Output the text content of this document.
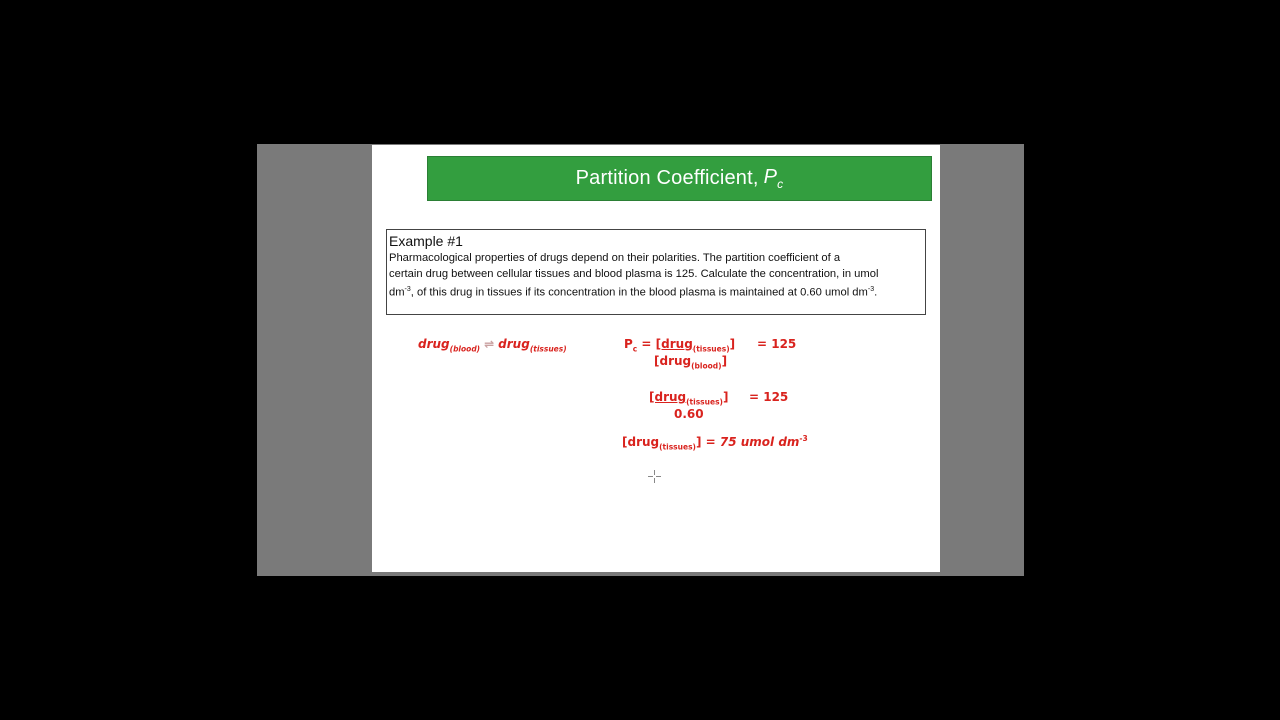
Partition Coefficient, $P_c$
Example #1
Pharmacological properties of drugs depend on their polarities. The partition coefficient of a
certain drug between cellular tissues and blood plasma is 125. Calculate the concentration, in umol
$dm^{-3}$, of this drug in tissues if its concentration in the blood plasma is maintained at 0.60 umol $dm^{-3}$.
drug$_{(blood)}$ ⇌ drug$_{(tissues)}$	$P_c$ = [drug$_{(tissues)}$] = 125
[drug$_{(blood)}$]
[drug$_{(tissues)}$] = 125
0.60
[drug$_{(tissues)}$] = 75 umol $dm^{-3}$
